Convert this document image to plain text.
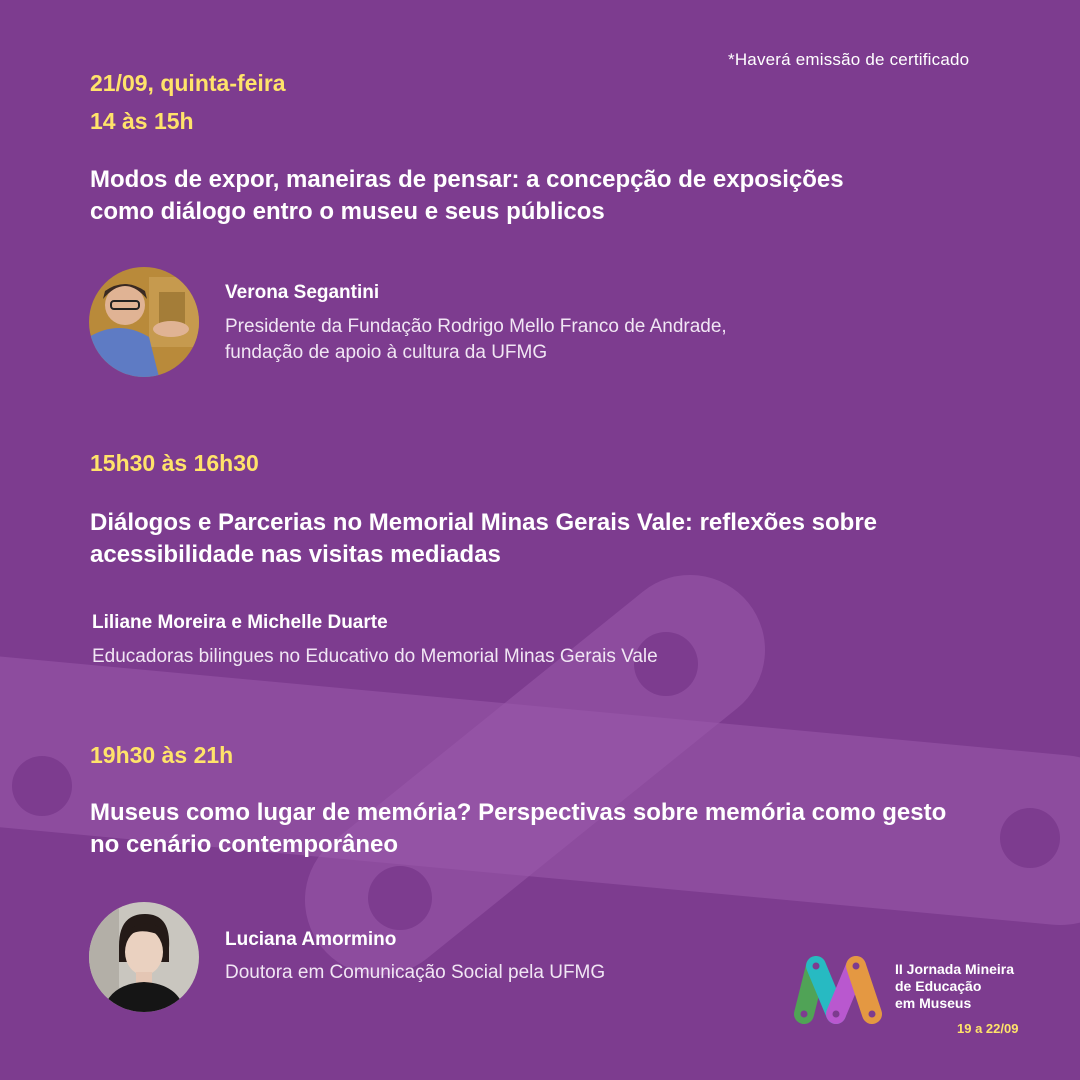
*Haverá emissão de certificado
21/09, quinta-feira
14 às 15h
Modos de expor, maneiras de pensar: a concepção de exposições
como diálogo entro o museu e seus públicos
Verona Segantini
Presidente da Fundação Rodrigo Mello Franco de Andrade,
fundação de apoio à cultura da UFMG
15h30 às 16h30
Diálogos e Parcerias no Memorial Minas Gerais Vale: reflexões sobre
acessibilidade nas visitas mediadas
Liliane Moreira e Michelle Duarte
Educadoras bilingues no Educativo do Memorial Minas Gerais Vale
19h30 às 21h
Museus como lugar de memória? Perspectivas sobre memória como gesto
no cenário contemporâneo
Luciana Amormino
Doutora em Comunicação Social pela UFMG	II Jornada Mineira
de Educação
em Museus
19 a 22/09
